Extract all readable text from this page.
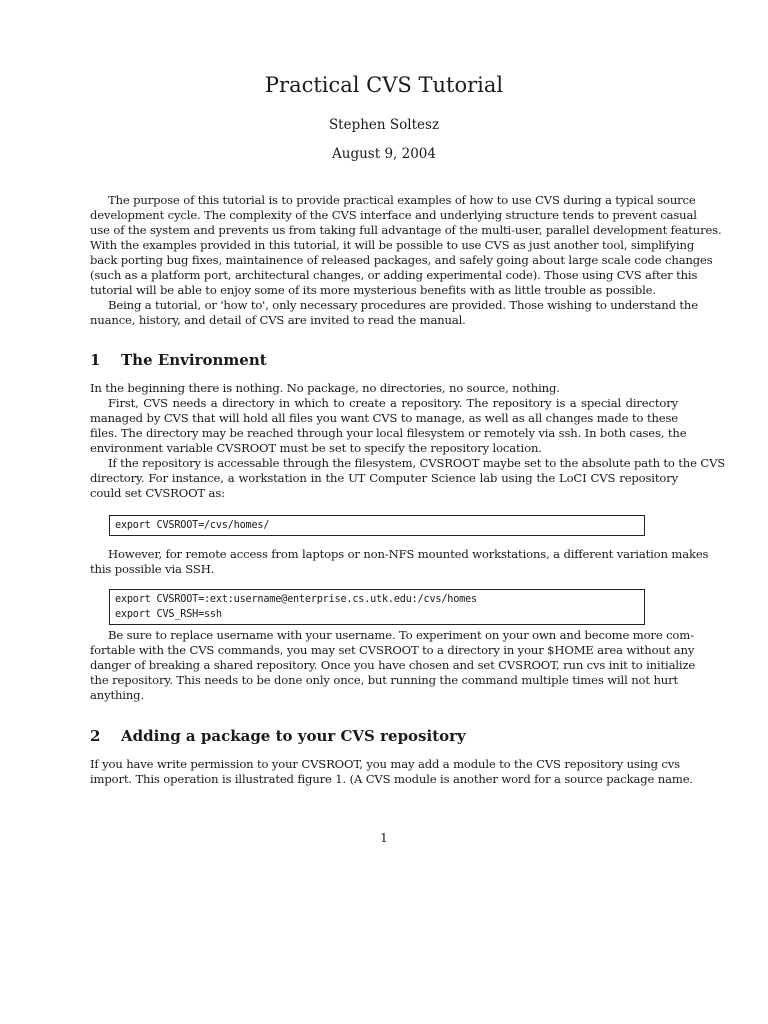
Practical CVS Tutorial
Stephen Soltesz
August 9, 2004
The purpose of this tutorial is to provide practical examples of how to use CVS during a typical source
development cycle. The complexity of the CVS interface and underlying structure tends to prevent casual
use of the system and prevents us from taking full advantage of the multi-user, parallel development features.
With the examples provided in this tutorial, it will be possible to use CVS as just another tool, simplifying
back porting bug fixes, maintainence of released packages, and safely going about large scale code changes
(such as a platform port, architectural changes, or adding experimental code). Those using CVS after this
tutorial will be able to enjoy some of its more mysterious benefits with as little trouble as possible.
Being a tutorial, or 'how to', only necessary procedures are provided. Those wishing to understand the
nuance, history, and detail of CVS are invited to read the manual.
1 The Environment
In the beginning there is nothing. No package, no directories, no source, nothing.
First, CVS needs a directory in which to create a repository. The repository is a special directory
managed by CVS that will hold all files you want CVS to manage, as well as all changes made to these
files. The directory may be reached through your local filesystem or remotely via ssh. In both cases, the
environment variable CVSROOT must be set to specify the repository location.
If the repository is accessable through the filesystem, CVSROOT maybe set to the absolute path to the CVS
directory. For instance, a workstation in the UT Computer Science lab using the LoCI CVS repository
could set CVSROOT as:
export CVSROOT=/cvs/homes/
However, for remote access from laptops or non-NFS mounted workstations, a different variation makes
this possible via SSH.
export CVSROOT=:ext:username@enterprise.cs.utk.edu:/cvs/homes
export CVS_RSH=ssh
Be sure to replace username with your username. To experiment on your own and become more com-
fortable with the CVS commands, you may set CVSROOT to a directory in your $HOME area without any
danger of breaking a shared repository. Once you have chosen and set CVSROOT, run cvs init to initialize
the repository. This needs to be done only once, but running the command multiple times will not hurt
anything.
2 Adding a package to your CVS repository
If you have write permission to your CVSROOT, you may add a module to the CVS repository using cvs
import. This operation is illustrated figure 1. (A CVS module is another word for a source package name.
1
